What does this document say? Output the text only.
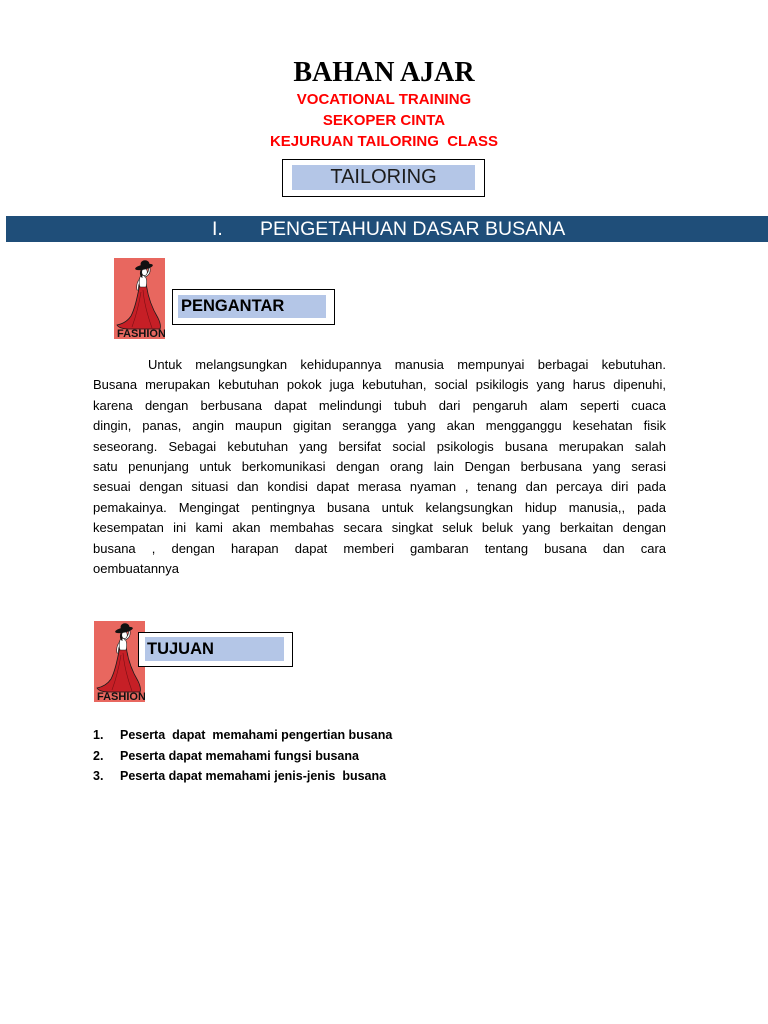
BAHAN AJAR
VOCATIONAL TRAINING
SEKOPER CINTA
KEJURUAN TAILORING  CLASS
TAILORING
I. PENGETAHUAN DASAR BUSANA
PENGANTAR
Untuk melangsungkan kehidupannya manusia mempunyai berbagai kebutuhan.
Busana merupakan kebutuhan pokok juga kebutuhan, social psikilogis yang harus dipenuhi,
karena dengan berbusana dapat melindungi tubuh dari pengaruh alam seperti cuaca
dingin, panas, angin maupun gigitan serangga yang akan mengganggu kesehatan fisik
seseorang. Sebagai kebutuhan yang bersifat social psikologis busana merupakan salah
satu penunjang untuk berkomunikasi dengan orang lain Dengan berbusana yang serasi
sesuai dengan situasi dan kondisi dapat merasa nyaman , tenang dan percaya diri pada
pemakainya. Mengingat pentingnya busana untuk kelangsungkan hidup manusia,, pada
kesempatan ini kami akan membahas secara singkat seluk beluk yang berkaitan dengan
busana , dengan harapan dapat memberi gambaran tentang busana dan cara
oembuatannya
TUJUAN
1.	Peserta  dapat  memahami pengertian busana
2.	Peserta dapat memahami fungsi busana
3.	Peserta dapat memahami jenis-jenis  busana
